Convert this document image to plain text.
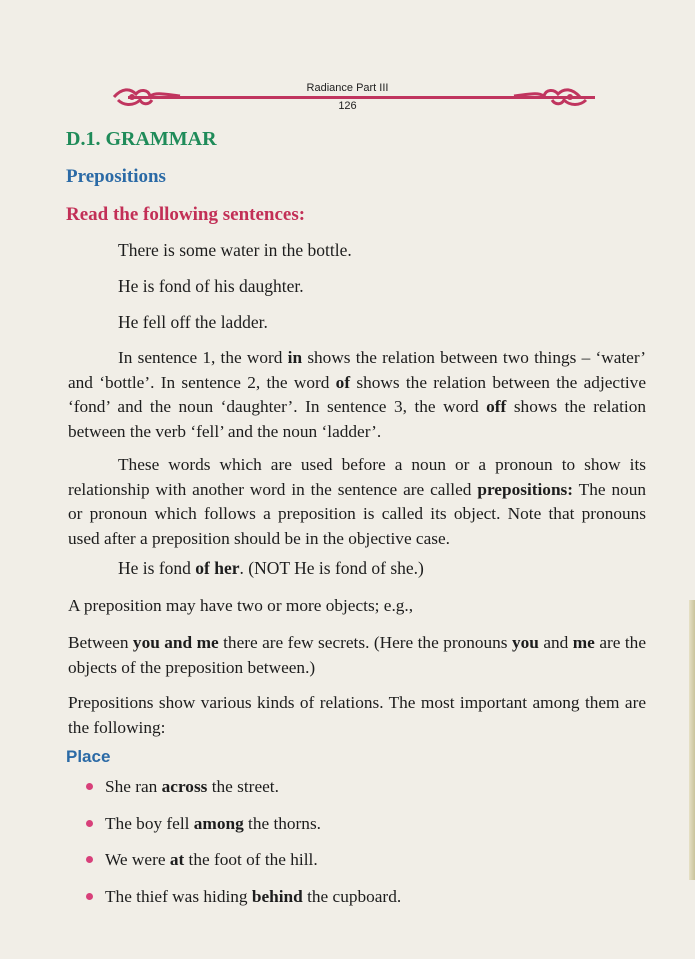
Radiance Part III
126
D.1. GRAMMAR
Prepositions
Read the following sentences:
There is some water in the bottle.
He is fond of his daughter.
He fell off the ladder.
In sentence 1, the word in shows the relation between two things – ‘water’ and ‘bottle’. In sentence 2, the word of shows the relation between the adjective ‘fond’ and the noun ‘daughter’. In sentence 3, the word off shows the relation between the verb ‘fell’ and the noun ‘ladder’.
These words which are used before a noun or a pronoun to show its relationship with another word in the sentence are called prepositions: The noun or pronoun which follows a preposition is called its object. Note that pronouns used after a preposition should be in the objective case.
He is fond of her. (NOT He is fond of she.)
A preposition may have two or more objects; e.g.,
Between you and me there are few secrets. (Here the pronouns you and me are the objects of the preposition between.)
Prepositions show various kinds of relations. The most important among them are the following:
Place
She ran across the street.
The boy fell among the thorns.
We were at the foot of the hill.
The thief was hiding behind the cupboard.
